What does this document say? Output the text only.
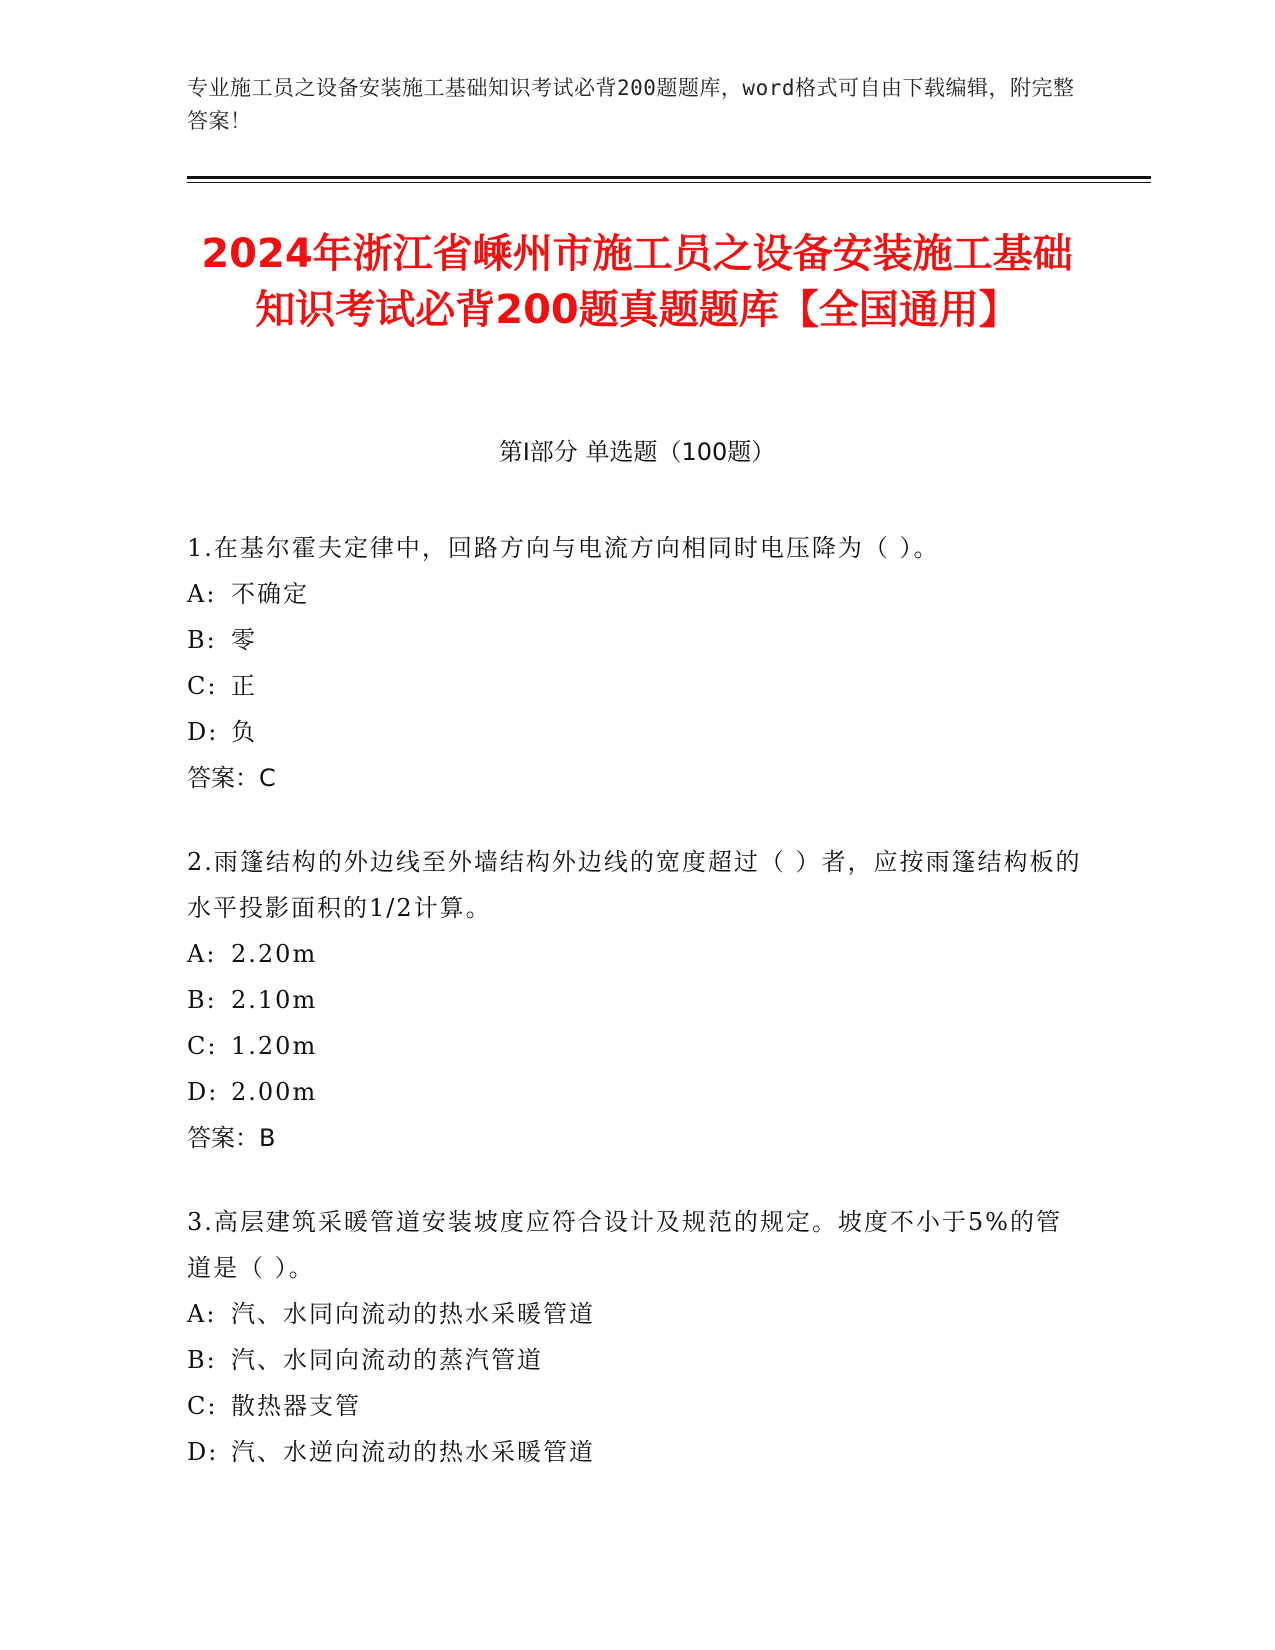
专业施工员之设备安装施工基础知识考试必背200题题库，word格式可自由下载编辑，附完整答案！
2024年浙江省嵊州市施工员之设备安装施工基础知识考试必背200题真题题库【全国通用】
第I部分 单选题（100题）

1.在基尔霍夫定律中，回路方向与电流方向相同时电压降为（ ）。

A: 不确定

B: 零

C: 正

D: 负

答案：C

2.雨篷结构的外边线至外墙结构外边线的宽度超过（ ）者，应按雨篷结构板的水平投影面积的1/2计算。

A: 2.20m

B: 2.10m

C: 1.20m

D: 2.00m

答案：B

3.高层建筑采暖管道安装坡度应符合设计及规范的规定。坡度不小于5%的管道是（ ）。

A: 汽、水同向流动的热水采暖管道

B: 汽、水同向流动的蒸汽管道

C: 散热器支管

D: 汽、水逆向流动的热水采暖管道
